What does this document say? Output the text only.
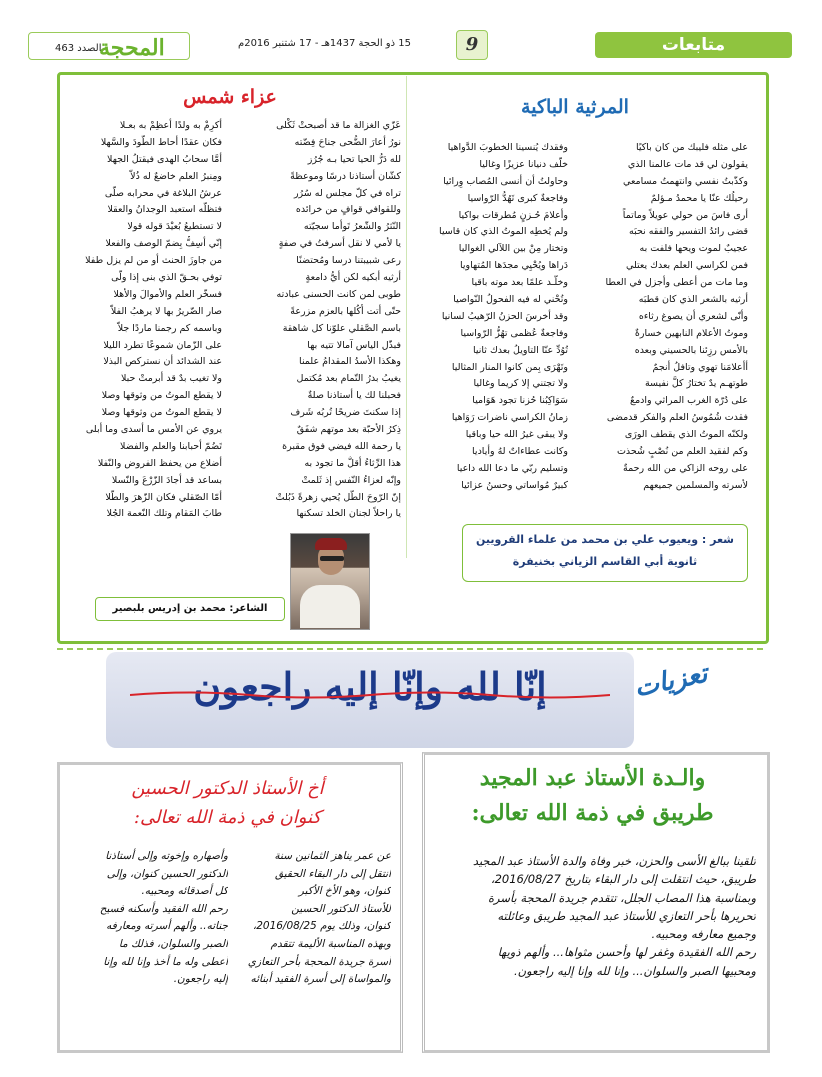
الصدد 463
المحجة	15 ذو الحجة 1437هـ - 17 شتنبر 2016م	9	متابعات
المرثية الباكية
على مثله فليبك من كان باكيًا
يقولون لي قد مات عالمنا الذي
وكذّبتُ نفسي وانتهمتُ مسامعي
رحيلُك عنّا يا محمدُ مـؤلمٌ
أرى فاسَ من حولي عويلاً وماتماً
قضى رائدُ التفسير والفقه نحبَه
عجيبٌ لموت ويحها فلفت به
فمن لكراسي العلم بعدك يعتلي
وما مات من أعطى وأجزل في العطا
أرثيه بالشعر الذي كان قطبَه
وأنّى لشعري أن يصوغ رثاءه
وموتُ الأعلام النابهين خسارةٌ
بالأمس رزِئنا بالحسيني وبعده
أأعلامَنا تهوي وتافلُ أنجمٌ
طوتهـم يدٌ تختارُ كلَّ نفيسة
على دُرّة الغرب المراثي وادمعٌ
فقدت شُمُوسُ العلم والفكر قدمضى
ولكنّه الموتُ الذي يقطف الورَى
وكم لفقيد العلم من نُصْبٍ شُحذت
على روحه الزاكي من الله رحمةٌ
لأسرته والمسلمين جميعهم
وفقدك يُنسينا الخطوبَ الدَّواهيا
خلّف دنيانا عزيزًا وغاليا
وحاولتُ أن أنسى المُصاب وِرائيا
وفاجعةٌ كبرى تَهُدُّ الرّواسيا
وأعلامَ حُـزنٍ مُطرقات بواكيا
ولم يُخطِه الموتُ الذي كان قاسيا
وتختار مِنْ بين اللآلي الغواليا
دَراها ويُحْيِي مجدَها المُتهاويا
وخلّـد علمًا بعد موته باقيا
وتُحْني له فيه الفحولُ النّواصيا
وقد أخرسَ الحزنُ الرّهيبُ لسانيا
وفاجعةٌ عُظمى تهُزُّ الرّواسيا
تُوُدِّ عنّا التاويلُ بعدك ثانيا
وتَهْرَى بِمن كانوا المنار المثاليا
ولا تجتني إلا كريما وغاليا
سَوَاكِبُنا حُزنا تجود هَوَاميا
زمانُ الكراسي ناضرات رَوَاهيا
ولا يبقى غيرُ الله حيا وباقيا
وكانت عطاءاتٌ لهُ وأياديا
وتسليم ربّي ما دعا الله داعيا
كبيرٌ مُواساتي وحسنُ عزائيا
شعر : ويعيوب علي بن محمد من علماء القرويين
ثانوية أبي القاسم الزياني بخنيفرة
عزاء شمس
عَزّي الغزالة ما قد أصبحتْ ثَكْلى
نورُ أعارَ الضُّحى جناحَ فِضّته
لله دَرُّ الحيا تحيا بـه جُرُز
كشّان أستاذنا درسًا وموعظةً
تراه في كلّ مجلس له سُرُر
وللقوافي قوافٍ من خرائده
النّثرُ والشّعرُ تَوأما سجيّته
يا لأمي لا نقل أسرفتُ في صفةٍ
رعى شبيبتنا درسا ومُحتضنًا
أرثيه أبكيه لكن أيُّ دامعةٍ
طوبى لمن كانت الحسنى عبادته
حتّى أتت أُكُلها بالعزم مزرعةً
باسم الصَّقلي علوّنا كل شاهقة
فبذّل الياس آمالا تتيه بها
وهكذا الأسدُ المقدامُ علمنا
يغيبُ بدرُ التّمام بعد مُكتمل
فحبلنا لك يا أستاذنا صلةٌ
إذا سكنتَ ضريحًا تُربُه شَرف
ذِكرُ الأحبّة بعد موتهم شفَقٌ
يا رحمة الله فيضي فوق مقبرة
هذا الرِّثاءُ أقلُّ ما تجود به
وإنّه لعزاءُ النّفس إذ ثَلمتْ
إنّ الرّوحَ الطّل يُحيي زهرةً ذَبُلتْ
يا راحلاً لجنان الخلد تسكنها
أكرِمْ به ولدًا أعظِمْ به بعـلا
فكان عقدًا أحاط الطّودَ والسَّهلا
أمَّا سحابُ الهدى فيقتلُ الجهلا
ومِنبرُ العلم خاضعٌ له ذُلاّ
عرشُ البلاغة في محرابه صلّى
فتظلّه استعبد الوجدانُ والعقلا
لا تستطيعُ بُعيْدَ قوله قولا
إنّي أسِفُّ بِضمّ الوصف والفعلا
من جاوزَ الحنث أو من لم يزل طفلا
توفي بحـقّ الذي بنى إذا ولّى
فسخّر العلم والأموالَ والأهلا
صار الضّريرُ بها لا يرهبُ الفلاّ
وباسمه كم رجمنا ماردًا جلاّ
على الزّمان شموعًا تطرد الليلا
عند الشدائد أن نستركص البذلا
ولا تغيب بدٌ قد أبرمتْ حبلا
لا يقطع الموتُ من وثوقها وصلا
لا يقطع الموتُ من وثوقها وصلا
يروي عن الأمس ما أسدى وما أبلى
تَضُمّ أحبابنا والعلم والفضلا
أضلاع من يحفظ الفروض والنّفلا
بساعد قد أجادَ الزّرْعَ والنّسلا
أمّا الصّقلي فكان الزّهرَ والطّلا
طابَ المَقام وتلك النّعمة الجُلا
الشاعر: محمد بن إدريس بلبصير
إنّا لله وإنّا إليه راجعون	تعزيات
والـدة الأستاذ عبد المجيد
طريبق في ذمة الله تعالى:
تلقينا ببالغ الأسى والحزن، خبر وفاة والدة الأستاذ عبد المجيد
طريبق، حيث انتقلت إلى دار البقاء بتاريخ 2016/08/27،
وبمناسبة هذا المصاب الجلل، تتقدم جريدة المحجة بأسرة
تحريرها بأحر التعازي للأستاذ عبد المجيد طريبق وعائلته
وجميع معارفه ومحبيه.
رحم الله الفقيدة وغفر لها وأحسن مثواها... وألهم ذويها
ومحبيها الصبر والسلوان... وإنا لله وإنا إليه راجعون.
أخ الأستاذ الدكتور الحسين
كنوان في ذمة الله تعالى:
عن عمر يناهز الثمانين سنة
انتقل إلى دار البقاء الحقيق
كنوان، وهو الأخ الأكبر
للأستاذ الدكتور الحسين
كنوان، وذلك يوم 2016/08/25،
وبهذه المناسبة الأليمة تتقدم
أسرة جريدة المحجة بأحر التعازي
والمواساة إلى أسرة الفقيد أبنائه
وأصهاره وإخوته وإلى أستاذنا
الدكتور الحسين كنوان، وإلى
كل أصدقائه ومحبيه.
رحم الله الفقيد وأسكنه فسيح
جناته.. وألهم أسرته ومعارفه
الصبر والسلوان، فذلك ما
أعطى وله ما أخذ وإنا لله وإنا
إليه راجعون.
